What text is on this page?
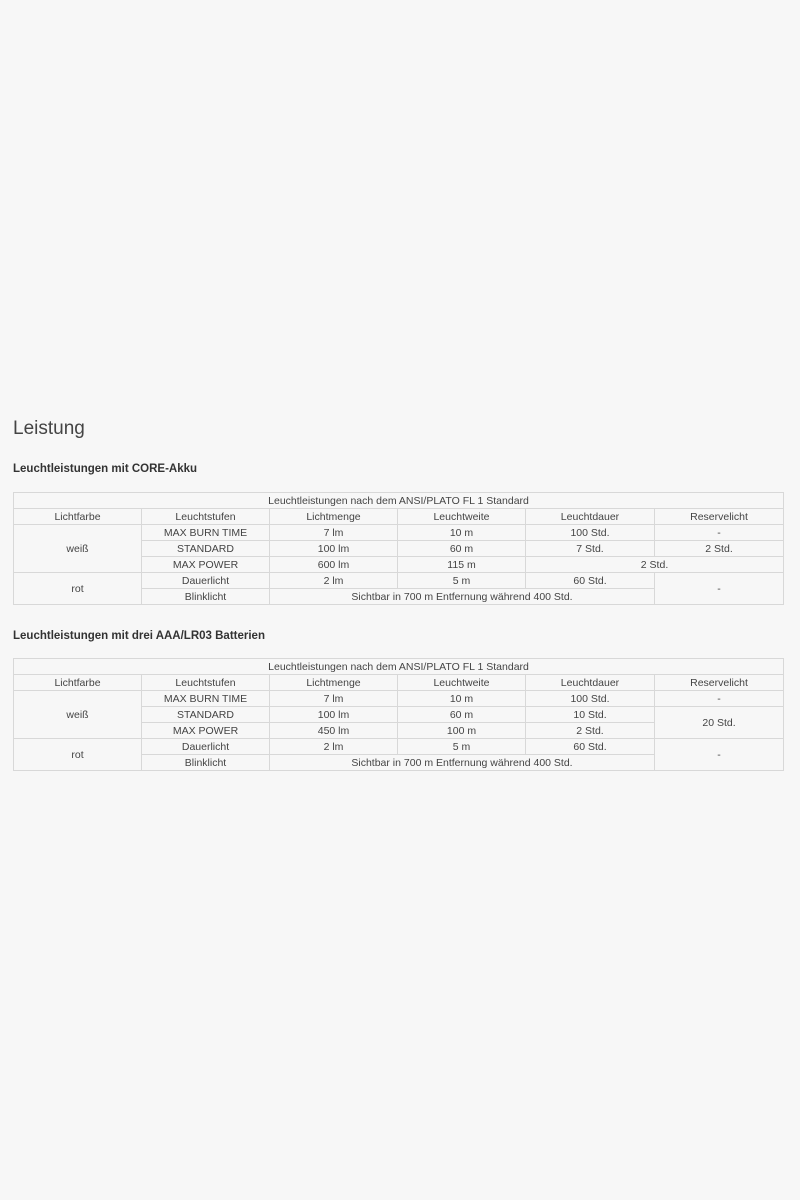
Leistung
Leuchtleistungen mit CORE-Akku
Leuchtleistungen nach dem ANSI/PLATO FL 1 Standard					
Lichtfarbe	Leuchtstufen	Lichtmenge	Leuchtweite	Leuchtdauer	Reservelicht
weiß	MAX BURN TIME	7 lm	10 m	100 Std.	-
	STANDARD	100 lm	60 m	7 Std.	2 Std.
	MAX POWER	600 lm	115 m	2 Std.	
rot	Dauerlicht	2 lm	5 m	60 Std.	-
	Blinklicht	Sichtbar in 700 m Entfernung während 400 Std.			
Leuchtleistungen mit drei AAA/LR03 Batterien
Leuchtleistungen nach dem ANSI/PLATO FL 1 Standard					
Lichtfarbe	Leuchtstufen	Lichtmenge	Leuchtweite	Leuchtdauer	Reservelicht
weiß	MAX BURN TIME	7 lm	10 m	100 Std.	-
	STANDARD	100 lm	60 m	10 Std.	20 Std.
	MAX POWER	450 lm	100 m	2 Std.	
rot	Dauerlicht	2 lm	5 m	60 Std.	-
	Blinklicht	Sichtbar in 700 m Entfernung während 400 Std.			
